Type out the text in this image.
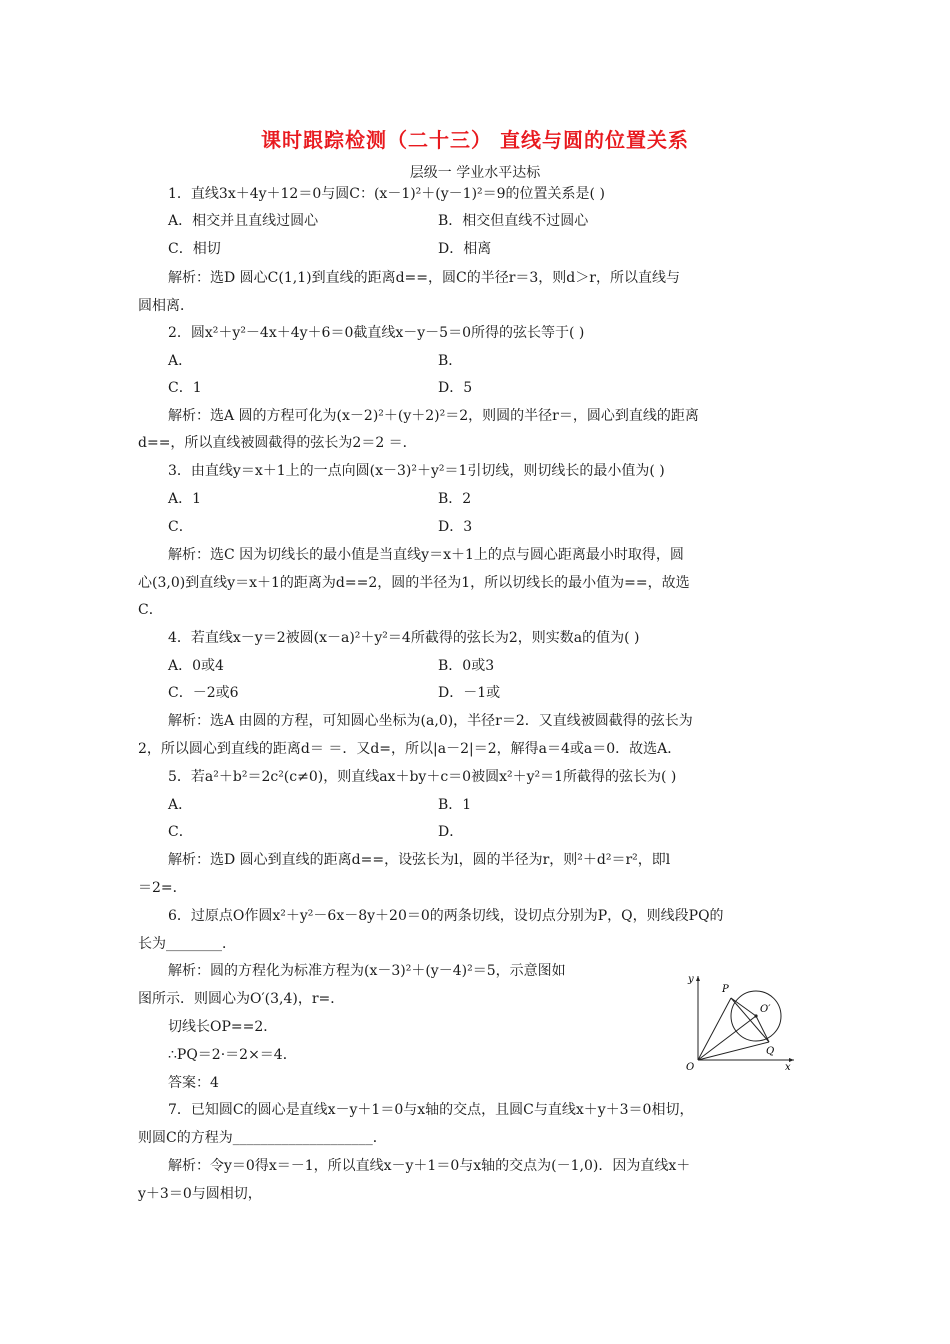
课时跟踪检测（二十三） 直线与圆的位置关系
层级一 学业水平达标
1．直线3x＋4y＋12＝0与圆C：(x－1)²＋(y－1)²＝9的位置关系是( )
A．相交并且直线过圆心	B．相交但直线不过圆心
C．相切	D．相离
解析：选D 圆心C(1,1)到直线的距离d==，圆C的半径r＝3，则d＞r，所以直线与
圆相离．
2．圆x²＋y²－4x＋4y＋6＝0截直线x－y－5＝0所得的弦长等于( )
A．	B．
C．1	D．5
解析：选A 圆的方程可化为(x－2)²＋(y＋2)²＝2，则圆的半径r＝，圆心到直线的距离
d==，所以直线被圆截得的弦长为2＝2 ＝．
3．由直线y＝x＋1上的一点向圆(x－3)²＋y²＝1引切线，则切线长的最小值为( )
A．1	B．2
C．	D．3
解析：选C 因为切线长的最小值是当直线y＝x＋1上的点与圆心距离最小时取得，圆
心(3,0)到直线y＝x＋1的距离为d==2，圆的半径为1，所以切线长的最小值为==，故选
C．
4．若直线x－y＝2被圆(x－a)²＋y²＝4所截得的弦长为2，则实数a的值为( )
A．0或4	B．0或3
C．－2或6	D．－1或
解析：选A 由圆的方程，可知圆心坐标为(a,0)，半径r＝2．又直线被圆截得的弦长为
2，所以圆心到直线的距离d＝ ＝．又d=，所以|a－2|＝2，解得a＝4或a＝0．故选A．
5．若a²＋b²＝2c²(c≠0)，则直线ax＋by＋c＝0被圆x²＋y²＝1所截得的弦长为( )
A．	B．1
C．	D．
解析：选D 圆心到直线的距离d==，设弦长为l，圆的半径为r，则²＋d²＝r²，即l
＝2=．
6．过原点O作圆x²＋y²－6x－8y＋20＝0的两条切线，设切点分别为P，Q，则线段PQ的
长为________．
解析：圆的方程化为标准方程为(x－3)²＋(y－4)²＝5，示意图如
图所示．则圆心为O′(3,4)，r=．
切线长OP==2．
∴PQ＝2·＝2×＝4．
答案：4
y
x
O
P
Q
O′
7．已知圆C的圆心是直线x－y＋1＝0与x轴的交点，且圆C与直线x＋y＋3＝0相切，
则圆C的方程为____________________．
解析：令y＝0得x＝－1，所以直线x－y＋1＝0与x轴的交点为(－1,0)．因为直线x＋
y＋3＝0与圆相切，
